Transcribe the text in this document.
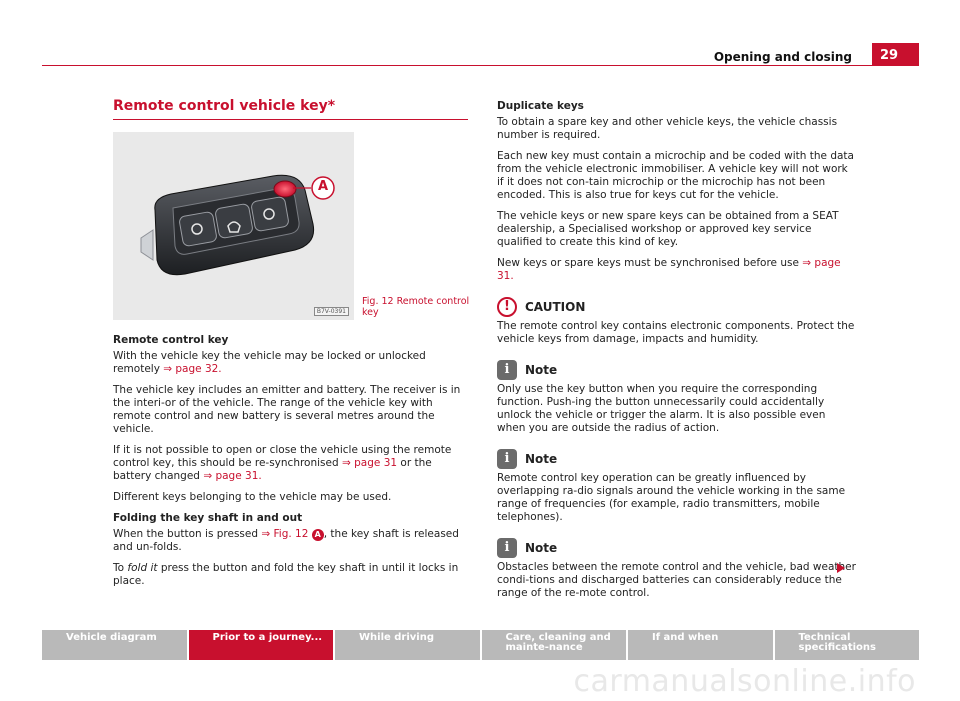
Opening and closing	29
Remote control vehicle key*
A
B7V-0391
Fig. 12 Remote control key

Remote control key

With the vehicle key the vehicle may be locked or unlocked remotely ⇒ page 32.

The vehicle key includes an emitter and battery. The receiver is in the interi-or of the vehicle. The range of the vehicle key with remote control and new battery is several metres around the vehicle.

If it is not possible to open or close the vehicle using the remote control key, this should be re-synchronised ⇒ page 31 or the battery changed ⇒ page 31.

Different keys belonging to the vehicle may be used.

Folding the key shaft in and out

When the button is pressed ⇒ Fig. 12 A , the key shaft is released and un-folds.

To fold it press the button and fold the key shaft in until it locks in place.

Duplicate keys

To obtain a spare key and other vehicle keys, the vehicle chassis number is required.

Each new key must contain a microchip and be coded with the data from the vehicle electronic immobiliser. A vehicle key will not work if it does not con-tain microchip or the microchip has not been encoded. This is also true for keys cut for the vehicle.

The vehicle keys or new spare keys can be obtained from a SEAT dealership, a Specialised workshop or approved key service qualified to create this kind of key.

New keys or spare keys must be synchronised before use ⇒ page 31.

!	CAUTION

The remote control key contains electronic components. Protect the vehicle keys from damage, impacts and humidity.

i	Note

Only use the key button when you require the corresponding function. Push-ing the button unnecessarily could accidentally unlock the vehicle or trigger the alarm. It is also possible even when you are outside the radius of action.

i	Note

Remote control key operation can be greatly influenced by overlapping ra-dio signals around the vehicle working in the same range of frequencies (for example, radio transmitters, mobile telephones).

i	Note

Obstacles between the remote control and the vehicle, bad weather condi-tions and discharged batteries can considerably reduce the range of the re-mote control.

Vehicle diagram	Prior to a journey...	While driving	Care, cleaning and mainte-nance
If and when	Technical specifications
carmanualsonline.info
